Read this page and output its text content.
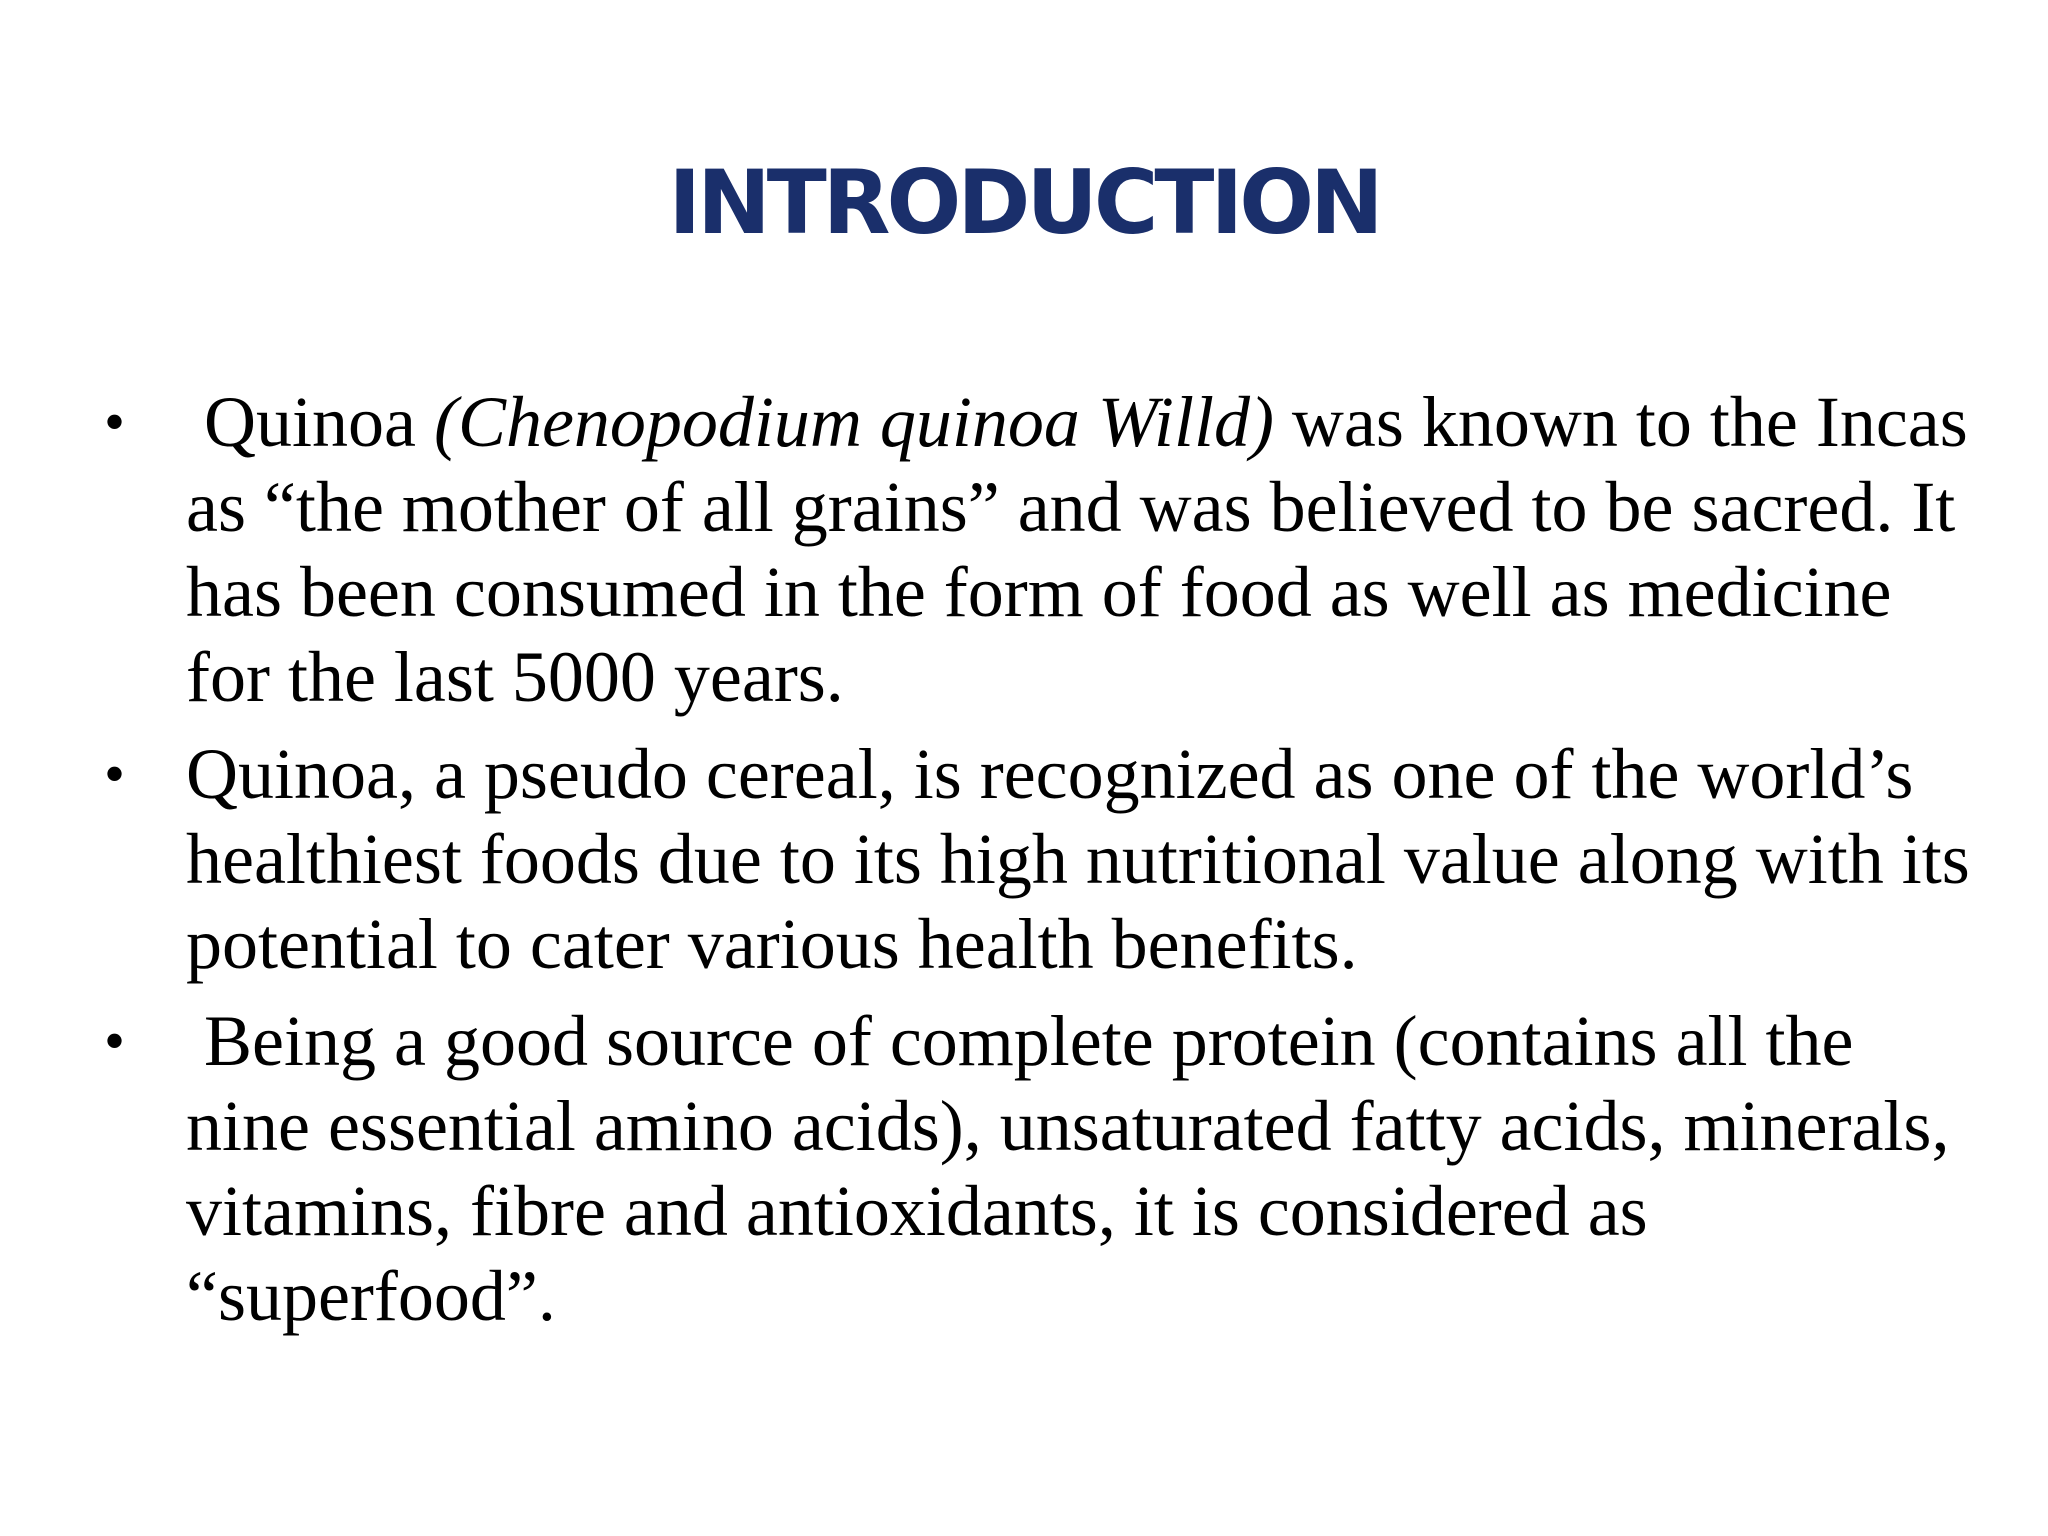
INTRODUCTION
• Quinoa (Chenopodium quinoa Willd) was known to the Incas as “the mother of all grains” and was believed to be sacred. It has been consumed in the form of food as well as medicine for the last 5000 years.
• Quinoa, a pseudo cereal, is recognized as one of the world’s healthiest foods due to its high nutritional value along with its potential to cater various health benefits.
• Being a good source of complete protein (contains all the nine essential amino acids), unsaturated fatty acids, minerals, vitamins, fibre and antioxidants, it is considered as “superfood”.
